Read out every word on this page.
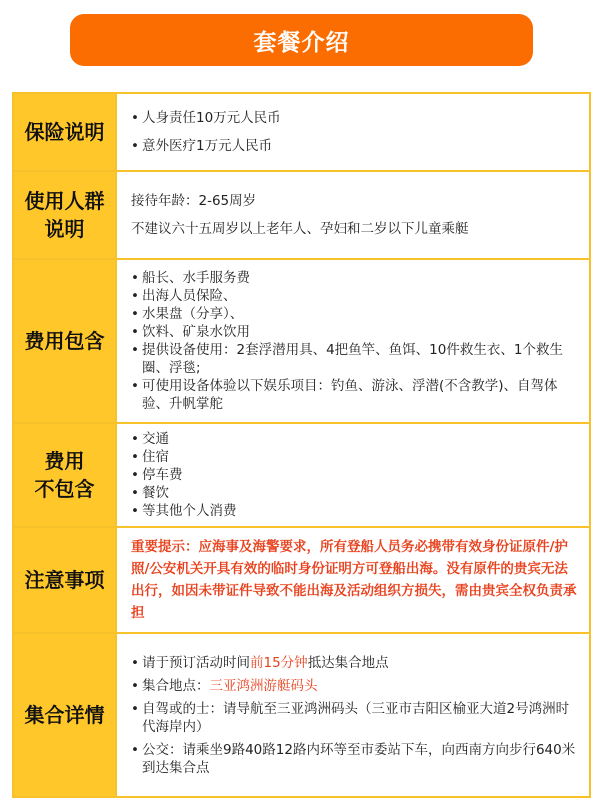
套餐介绍
保险说明
• 人身责任10万元人民币
• 意外医疗1万元人民币
使用人群
说明
接待年龄：2-65周岁
不建议六十五周岁以上老年人、孕妇和二岁以下儿童乘艇
费用包含
• 船长、水手服务费
• 出海人员保险、
• 水果盘（分享）、
• 饮料、矿泉水饮用
• 提供设备使用：2套浮潜用具、4把鱼竿、鱼饵、10件救生衣、1个救生圈、浮毯;
• 可使用设备体验以下娱乐项目：钓鱼、游泳、浮潜(不含教学)、自驾体验、升帆掌舵
费用
不包含
• 交通
• 住宿
• 停车费
• 餐饮
• 等其他个人消费
注意事项
重要提示：应海事及海警要求，所有登船人员务必携带有效身份证原件/护照/公安机关开具有效的临时身份证明方可登船出海。没有原件的贵宾无法出行，如因未带证件导致不能出海及活动组织方损失，需由贵宾全权负责承担
集合详情
• 请于预订活动时间前15分钟抵达集合地点
• 集合地点：三亚鸿洲游艇码头
• 自驾或的士：请导航至三亚鸿洲码头（三亚市吉阳区榆亚大道2号鸿洲时代海岸内）
• 公交：请乘坐9路40路12路内环等至市委站下车，向西南方向步行640米到达集合点
